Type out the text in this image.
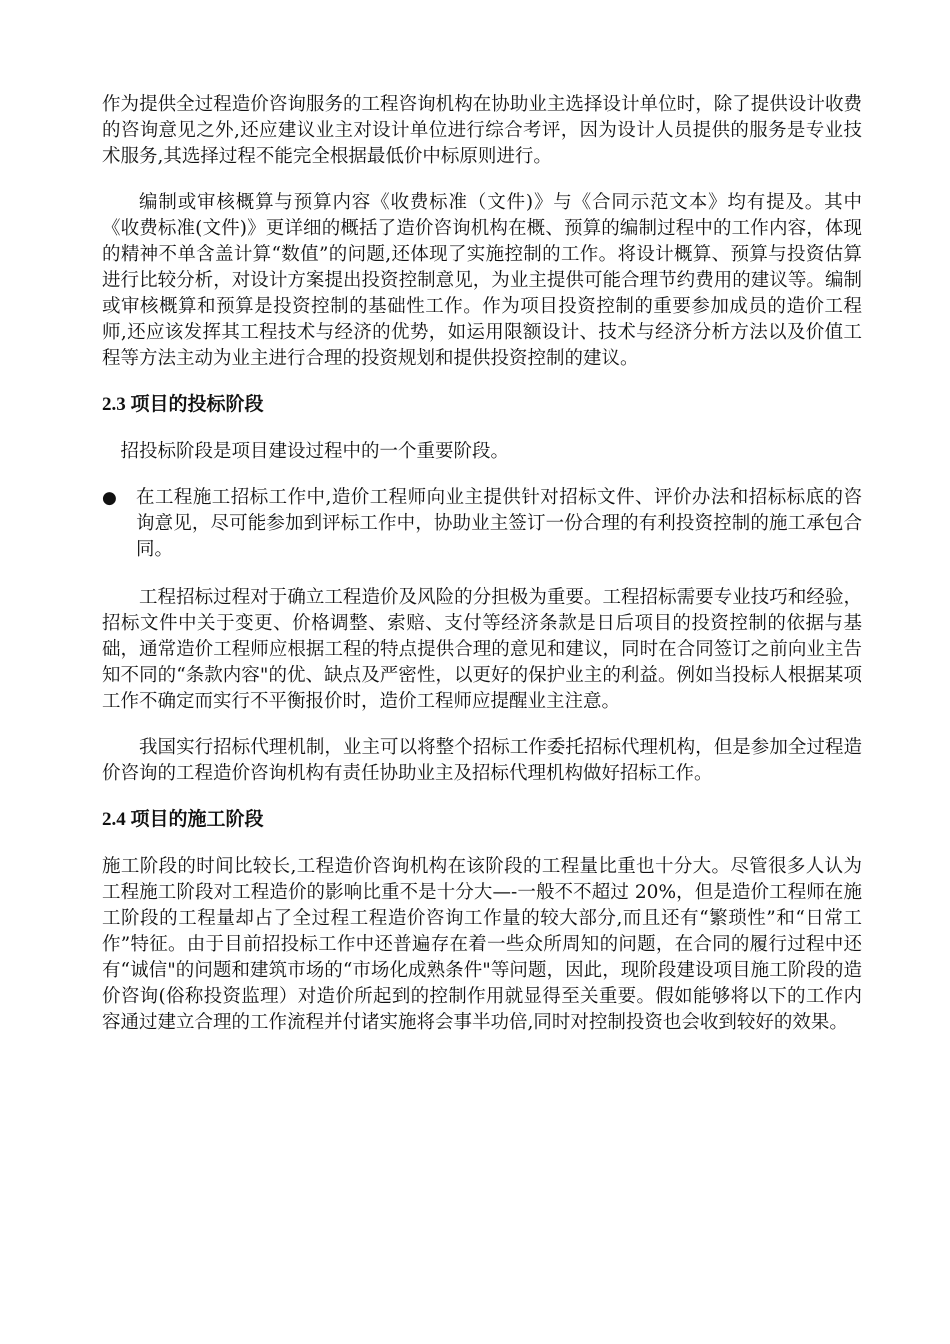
作为提供全过程造价咨询服务的工程咨询机构在协助业主选择设计单位时，除了提供设计收费的咨询意见之外,还应建议业主对设计单位进行综合考评，因为设计人员提供的服务是专业技术服务,其选择过程不能完全根据最低价中标原则进行。

编制或审核概算与预算内容《收费标准（文件)》与《合同示范文本》均有提及。其中《收费标准(文件)》更详细的概括了造价咨询机构在概、预算的编制过程中的工作内容，体现的精神不单含盖计算“数值”的问题,还体现了实施控制的工作。将设计概算、预算与投资估算进行比较分析，对设计方案提出投资控制意见，为业主提供可能合理节约费用的建议等。编制或审核概算和预算是投资控制的基础性工作。作为项目投资控制的重要参加成员的造价工程师,还应该发挥其工程技术与经济的优势，如运用限额设计、技术与经济分析方法以及价值工程等方法主动为业主进行合理的投资规划和提供投资控制的建议。

2.3 项目的投标阶段

招投标阶段是项目建设过程中的一个重要阶段。

●	在工程施工招标工作中,造价工程师向业主提供针对招标文件、评价办法和招标标底的咨询意见，尽可能参加到评标工作中，协助业主签订一份合理的有利投资控制的施工承包合同。

工程招标过程对于确立工程造价及风险的分担极为重要。工程招标需要专业技巧和经验，招标文件中关于变更、价格调整、索赔、支付等经济条款是日后项目的投资控制的依据与基础，通常造价工程师应根据工程的特点提供合理的意见和建议，同时在合同签订之前向业主告知不同的“条款内容"的优、缺点及严密性，以更好的保护业主的利益。例如当投标人根据某项工作不确定而实行不平衡报价时，造价工程师应提醒业主注意。

我国实行招标代理机制，业主可以将整个招标工作委托招标代理机构，但是参加全过程造价咨询的工程造价咨询机构有责任协助业主及招标代理机构做好招标工作。

2.4 项目的施工阶段

施工阶段的时间比较长,工程造价咨询机构在该阶段的工程量比重也十分大。尽管很多人认为工程施工阶段对工程造价的影响比重不是十分大—-一般不不超过 20%，但是造价工程师在施工阶段的工程量却占了全过程工程造价咨询工作量的较大部分,而且还有“繁琐性”和“日常工作”特征。由于目前招投标工作中还普遍存在着一些众所周知的问题，在合同的履行过程中还有“诚信"的问题和建筑市场的“市场化成熟条件"等问题，因此，现阶段建设项目施工阶段的造价咨询(俗称投资监理）对造价所起到的控制作用就显得至关重要。假如能够将以下的工作内容通过建立合理的工作流程并付诸实施将会事半功倍,同时对控制投资也会收到较好的效果。
